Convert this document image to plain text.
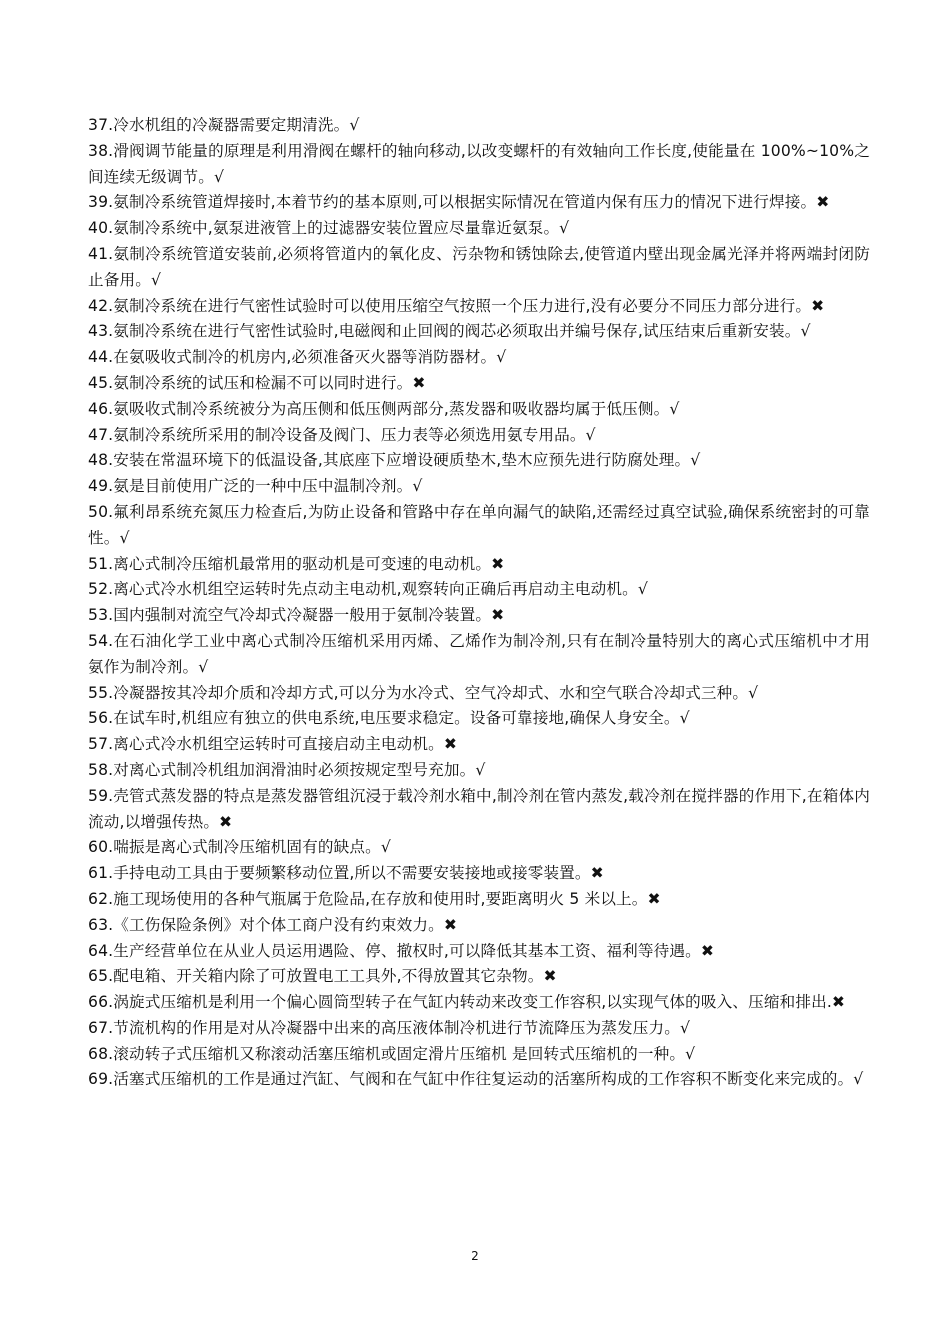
37.冷水机组的冷凝器需要定期清洗。√

38.滑阀调节能量的原理是利用滑阀在螺杆的轴向移动,以改变螺杆的有效轴向工作长度,使能量在 100%~10%之间连续无级调节。√

39.氨制冷系统管道焊接时,本着节约的基本原则,可以根据实际情况在管道内保有压力的情况下进行焊接。✖

40.氨制冷系统中,氨泵进液管上的过滤器安装位置应尽量靠近氨泵。√

41.氨制冷系统管道安装前,必须将管道内的氧化皮、污杂物和锈蚀除去,使管道内壁出现金属光泽并将两端封闭防止备用。√

42.氨制冷系统在进行气密性试验时可以使用压缩空气按照一个压力进行,没有必要分不同压力部分进行。✖

43.氨制冷系统在进行气密性试验时,电磁阀和止回阀的阀芯必须取出并编号保存,试压结束后重新安装。√

44.在氨吸收式制冷的机房内,必须准备灭火器等消防器材。√

45.氨制冷系统的试压和检漏不可以同时进行。✖

46.氨吸收式制冷系统被分为高压侧和低压侧两部分,蒸发器和吸收器均属于低压侧。√

47.氨制冷系统所采用的制冷设备及阀门、压力表等必须选用氨专用品。√

48.安装在常温环境下的低温设备,其底座下应增设硬质垫木,垫木应预先进行防腐处理。√

49.氨是目前使用广泛的一种中压中温制冷剂。√

50.氟利昂系统充氮压力检查后,为防止设备和管路中存在单向漏气的缺陷,还需经过真空试验,确保系统密封的可靠性。√

51.离心式制冷压缩机最常用的驱动机是可变速的电动机。✖

52.离心式冷水机组空运转时先点动主电动机,观察转向正确后再启动主电动机。√

53.国内强制对流空气冷却式冷凝器一般用于氨制冷装置。✖

54.在石油化学工业中离心式制冷压缩机采用丙烯、乙烯作为制冷剂,只有在制冷量特别大的离心式压缩机中才用氨作为制冷剂。√

55.冷凝器按其冷却介质和冷却方式,可以分为水冷式、空气冷却式、水和空气联合冷却式三种。√

56.在试车时,机组应有独立的供电系统,电压要求稳定。设备可靠接地,确保人身安全。√

57.离心式冷水机组空运转时可直接启动主电动机。✖

58.对离心式制冷机组加润滑油时必须按规定型号充加。√

59.壳管式蒸发器的特点是蒸发器管组沉浸于载冷剂水箱中,制冷剂在管内蒸发,载冷剂在搅拌器的作用下,在箱体内流动,以增强传热。✖

60.喘振是离心式制冷压缩机固有的缺点。√

61.手持电动工具由于要频繁移动位置,所以不需要安装接地或接零装置。✖

62.施工现场使用的各种气瓶属于危险品,在存放和使用时,要距离明火 5 米以上。✖

63.《工伤保险条例》对个体工商户没有约束效力。✖

64.生产经营单位在从业人员运用遇险、停、撤权时,可以降低其基本工资、福利等待遇。✖

65.配电箱、开关箱内除了可放置电工工具外,不得放置其它杂物。✖

66.涡旋式压缩机是利用一个偏心圆筒型转子在气缸内转动来改变工作容积,以实现气体的吸入、压缩和排出.✖

67.节流机构的作用是对从冷凝器中出来的高压液体制冷机进行节流降压为蒸发压力。√

68.滚动转子式压缩机又称滚动活塞压缩机或固定滑片压缩机 是回转式压缩机的一种。√

69.活塞式压缩机的工作是通过汽缸、气阀和在气缸中作往复运动的活塞所构成的工作容积不断变化来完成的。√

2
